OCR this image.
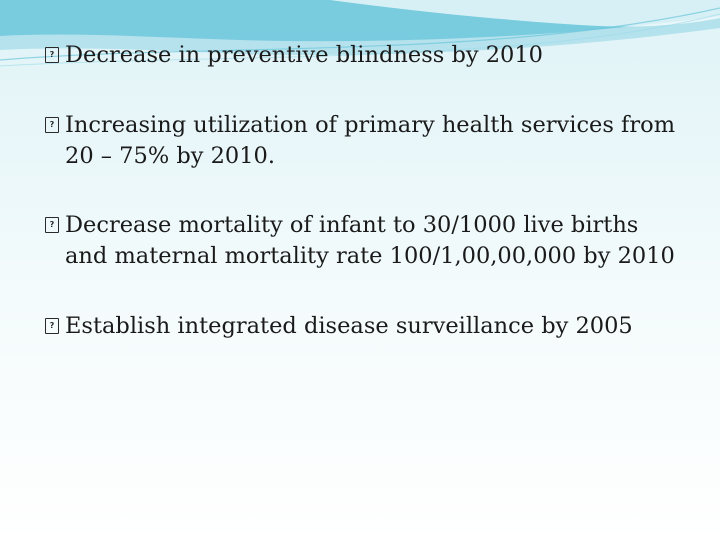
?
Decrease in preventive blindness by 2010
?
Increasing utilization of primary health services from 20 – 75% by 2010.
?
Decrease mortality of infant to 30/1000 live births and maternal mortality rate 100/1,00,00,000 by 2010
?
Establish integrated disease surveillance by 2005
